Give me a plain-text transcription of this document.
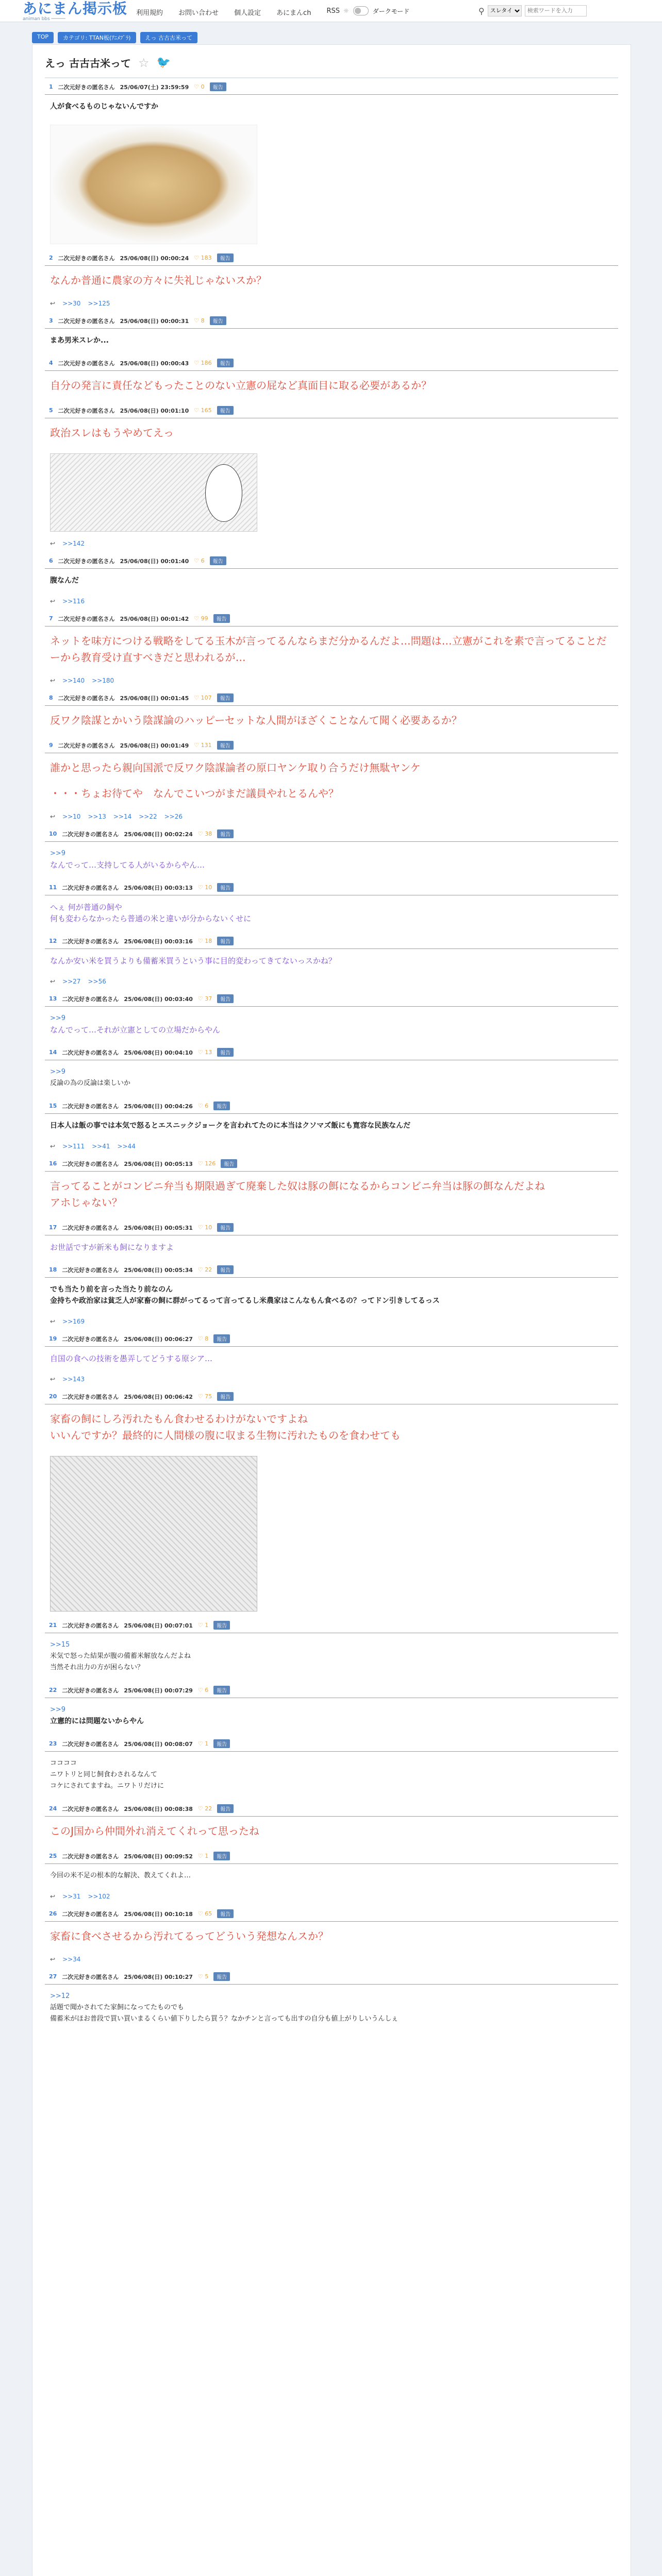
あにまん掲示板
animan bbs ─────
利用規約 お問い合わせ 個人設定 あにまんch RSS ☼	ダークモード	⚲
スレタイ
検索ワードを入力
TOP	カテゴリ: TTAN板(ｱﾆﾒﾌﾞﾗ)	えっ 古古古米って
えっ 古古古米って ☆ 🐦
1 二次元好きの匿名さん 25/06/07(土) 23:59:59 ♡ 0	報告
人が食べるものじゃないんですか
2 二次元好きの匿名さん 25/06/08(日) 00:00:24 ♡ 183	報告
なんか普通に農家の方々に失礼じゃないスか？
↩ >>30 >>125
3 二次元好きの匿名さん 25/06/08(日) 00:00:31 ♡ 8	報告
まあ男米スレか...
4 二次元好きの匿名さん 25/06/08(日) 00:00:43 ♡ 186	報告
自分の発言に責任などもったことのない立憲の屁など真面目に取る必要があるか？
5 二次元好きの匿名さん 25/06/08(日) 00:01:10 ♡ 165	報告
政治スレはもうやめてえっ
↩ >>142
6 二次元好きの匿名さん 25/06/08(日) 00:01:40 ♡ 6	報告
腹なんだ
↩ >>116
7 二次元好きの匿名さん 25/06/08(日) 00:01:42 ♡ 99	報告
ネットを味方につける戦略をしてる玉木が言ってるんならまだ分かるんだよ…問題は…立憲がこれを素で言ってることだ
ーから教育受け直すべきだと思われるが…
↩ >>140 >>180
8 二次元好きの匿名さん 25/06/08(日) 00:01:45 ♡ 107	報告
反ワク陰謀とかいう陰謀論のハッピーセットな人間がほざくことなんて聞く必要あるか？
9 二次元好きの匿名さん 25/06/08(日) 00:01:49 ♡ 131	報告
誰かと思ったら親向国派で反ワク陰謀論者の原口ヤンケ取り合うだけ無駄ヤンケ
・・・ちょお待てや　なんでこいつがまだ議員やれとるんや？
↩ >>10 >>13 >>14 >>22 >>26
10 二次元好きの匿名さん 25/06/08(日) 00:02:24 ♡ 38	報告
>>9
なんでって…支持してる人がいるからやん…
11 二次元好きの匿名さん 25/06/08(日) 00:03:13 ♡ 10	報告
へぇ 何が普通の飼や
何も変わらなかったら普通の米と違いが分からないくせに
12 二次元好きの匿名さん 25/06/08(日) 00:03:16 ♡ 18	報告
なんか安い米を買うよりも備蓄米買うという事に目的変わってきてないっスかね？
↩ >>27 >>56
13 二次元好きの匿名さん 25/06/08(日) 00:03:40 ♡ 37	報告
>>9
なんでって…それが立憲としての立場だからやん
14 二次元好きの匿名さん 25/06/08(日) 00:04:10 ♡ 13	報告
>>9
反論の為の反論は楽しいか
15 二次元好きの匿名さん 25/06/08(日) 00:04:26 ♡ 6	報告
日本人は飯の事では本気で怒るとエスニックジョークを言われてたのに本当はクソマズ飯にも寛容な民族なんだ
↩ >>111 >>41 >>44
16 二次元好きの匿名さん 25/06/08(日) 00:05:13 ♡ 126	報告
言ってることがコンビニ弁当も期限過ぎて廃棄した奴は豚の餌になるからコンビニ弁当は豚の餌なんだよね
アホじゃない？
17 二次元好きの匿名さん 25/06/08(日) 00:05:31 ♡ 10	報告
お世話ですが新米も飼になりますよ
18 二次元好きの匿名さん 25/06/08(日) 00:05:34 ♡ 22	報告
でも当たり前を言った当たり前なのん
金持ちや政治家は貧乏人が家畜の飼に群がってるって言ってるし米農家はこんなもん食べるの？ってドン引きしてるっス
↩ >>169
19 二次元好きの匿名さん 25/06/08(日) 00:06:27 ♡ 8	報告
自国の食への技術を愚弄してどうする原シア…
↩ >>143
20 二次元好きの匿名さん 25/06/08(日) 00:06:42 ♡ 75	報告
家畜の飼にしろ汚れたもん食わせるわけがないですよね
いいんですか？最終的に人間様の腹に収まる生物に汚れたものを食わせても
21 二次元好きの匿名さん 25/06/08(日) 00:07:01 ♡ 1	報告
>>15
米気で怒った結果が腹の備蓄米解放なんだよね
当然それ出力の方が困らない？
22 二次元好きの匿名さん 25/06/08(日) 00:07:29 ♡ 6	報告
>>9
立憲的には問題ないからやん
23 二次元好きの匿名さん 25/06/08(日) 00:08:07 ♡ 1	報告
ココココ
ニワトリと同じ飼食わされるなんて
コケにされてますね。ニワトリだけに
24 二次元好きの匿名さん 25/06/08(日) 00:08:38 ♡ 22	報告
このJ国から仲間外れ消えてくれって思ったね
25 二次元好きの匿名さん 25/06/08(日) 00:09:52 ♡ 1	報告
今回の米不足の根本的な解決、教えてくれよ…
↩ >>31 >>102
26 二次元好きの匿名さん 25/06/08(日) 00:10:18 ♡ 65	報告
家畜に食べさせるから汚れてるってどういう発想なんスか？
↩ >>34
27 二次元好きの匿名さん 25/06/08(日) 00:10:27 ♡ 5	報告
>>12
話題で聞かされてた家飼になってたものでも
備蓄米がほお普段で買い買いまるくらい値下りしたら買う？なかチンと言っても出すの自分も値上がりしいうんしぇ
